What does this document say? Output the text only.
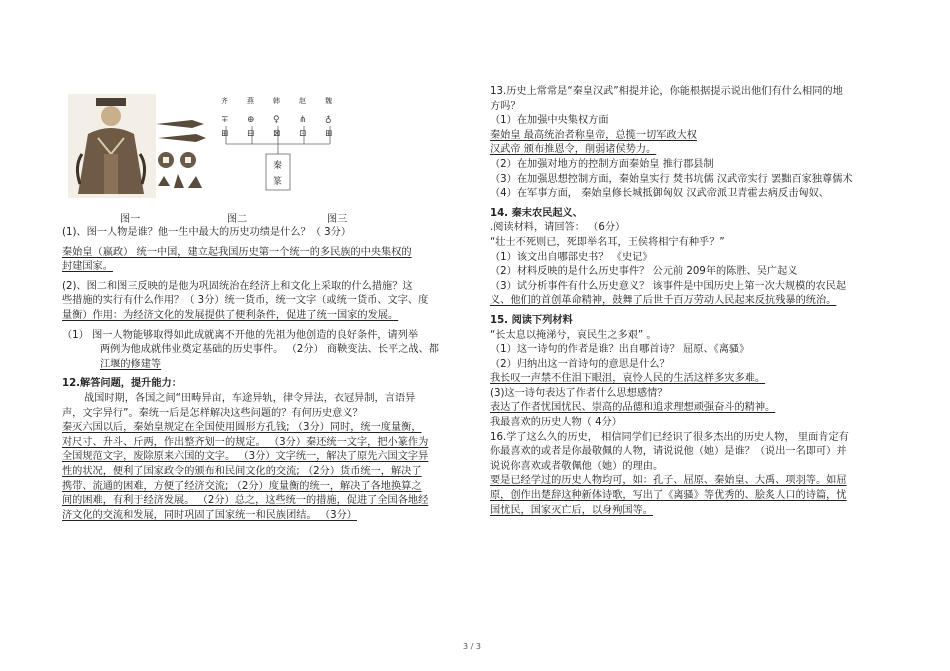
∓ ⊕ ♀ ⋔ ♁
⊞ ⊟ ⊠ ⊡ ⊞
齐	燕	韩	赵	魏
秦
篆
图一	图二	图三
(1)、图一人物是谁？他一生中最大的历史功绩是什么？（ 3分）
秦始皇（嬴政） 统一中国，建立起我国历史第一个统一的多民族的中央集权的
封建国家。
(2)、图二和图三反映的是他为巩固统治在经济上和文化上采取的什么措施？这
些措施的实行有什么作用？（ 3分）统一货币，统一文字（或统一货币、文字、度
量衡）作用：为经济文化的发展提供了便利条件，促进了统一国家的发展。
（1） 图一人物能够取得如此成就离不开他的先祖为他创造的良好条件，请列举
两例为他成就伟业奠定基础的历史事件。 （2分） 商鞅变法、长平之战、都
江堰的修建等
12.解答问题，提升能力：
战国时期，各国之间“田畴异亩，车途异轨，律令异法，衣冠异制，言语异
声，文字异行”。秦统一后是怎样解决这些问题的？有何历史意义？
秦灭六国以后，秦始皇规定在全国使用圆形方孔钱; （3分）同时，统一度量衡，
对尺寸、升斗、斤两，作出整齐划一的规定。 （3分）秦还统一文字，把小篆作为
全国规范文字，废除原来六国的文字。 （3分）文字统一，解决了原先六国文字异
性的状况，便利了国家政令的颁布和民间文化的交流; （2分）货币统一，解决了
携带、流通的困难，方便了经济交流; （2分）度量衡的统一，解决了各地换算之
间的困难，有利于经济发展。 （2分）总之，这些统一的措施，促进了全国各地经
济文化的交流和发展，同时巩固了国家统一和民族团结。 （3分）
13.历史上常常是“秦皇汉武”相提并论，你能根据提示说出他们有什么相同的地
方吗？
（1）在加强中央集权方面
秦始皇 最高统治者称皇帝，总揽一切军政大权
汉武帝 颁布推恩令，削弱诸侯势力。
（2）在加强对地方的控制方面秦始皇 推行郡县制
（3）在加强思想控制方面，秦始皇实行 焚书坑儒 汉武帝实行 罢黜百家独尊儒术
（4）在军事方面， 秦始皇修长城抵御匈奴 汉武帝派卫青霍去病反击匈奴、
14. 秦末农民起义、
.阅读材料，请回答： （6分）
“壮士不死则已，死即举名耳，王侯将相宁有种乎？”
（1）该文出自哪部史书？ 《史记》
（2）材料反映的是什么历史事件？ 公元前 209年的陈胜、吴广起义
（3）试分析事件有什么历史意义？ 该事件是中国历史上第一次大规模的农民起
义、他们的首创革命精神，鼓舞了后世千百万劳动人民起来反抗残暴的统治。
15. 阅读下列材料
“长太息以掩涕兮，哀民生之多艰” 。
（1）这一诗句的作者是谁？出自哪首诗？ 屈原、《离骚》
（2）归纳出这一首诗句的意思是什么？
我长叹一声禁不住泪下眼沮，哀怜人民的生活这样多灾多难。
(3)这一诗句表达了作者什么思想感情？
表达了作者忧国忧民、崇高的品德和追求理想顽强奋斗的精神。
我最喜欢的历史人物（ 4分）
16.学了这么久的历史， 相信同学们已经识了很多杰出的历史人物， 里面肯定有
你最喜欢的或者是你最敬佩的人物，请说说他（她）是谁？（说出一名即可）并
说说你喜欢或者敬佩他（她）的理由。
要是已经学过的历史人物均可，如：孔子、屈原、秦始皇、大禹、项羽等。如屈
原，创作出楚辞这种新体诗歌，写出了《离骚》等优秀的、脍炙人口的诗篇，忧
国忧民，国家灭亡后，以身殉国等。
3 / 3
